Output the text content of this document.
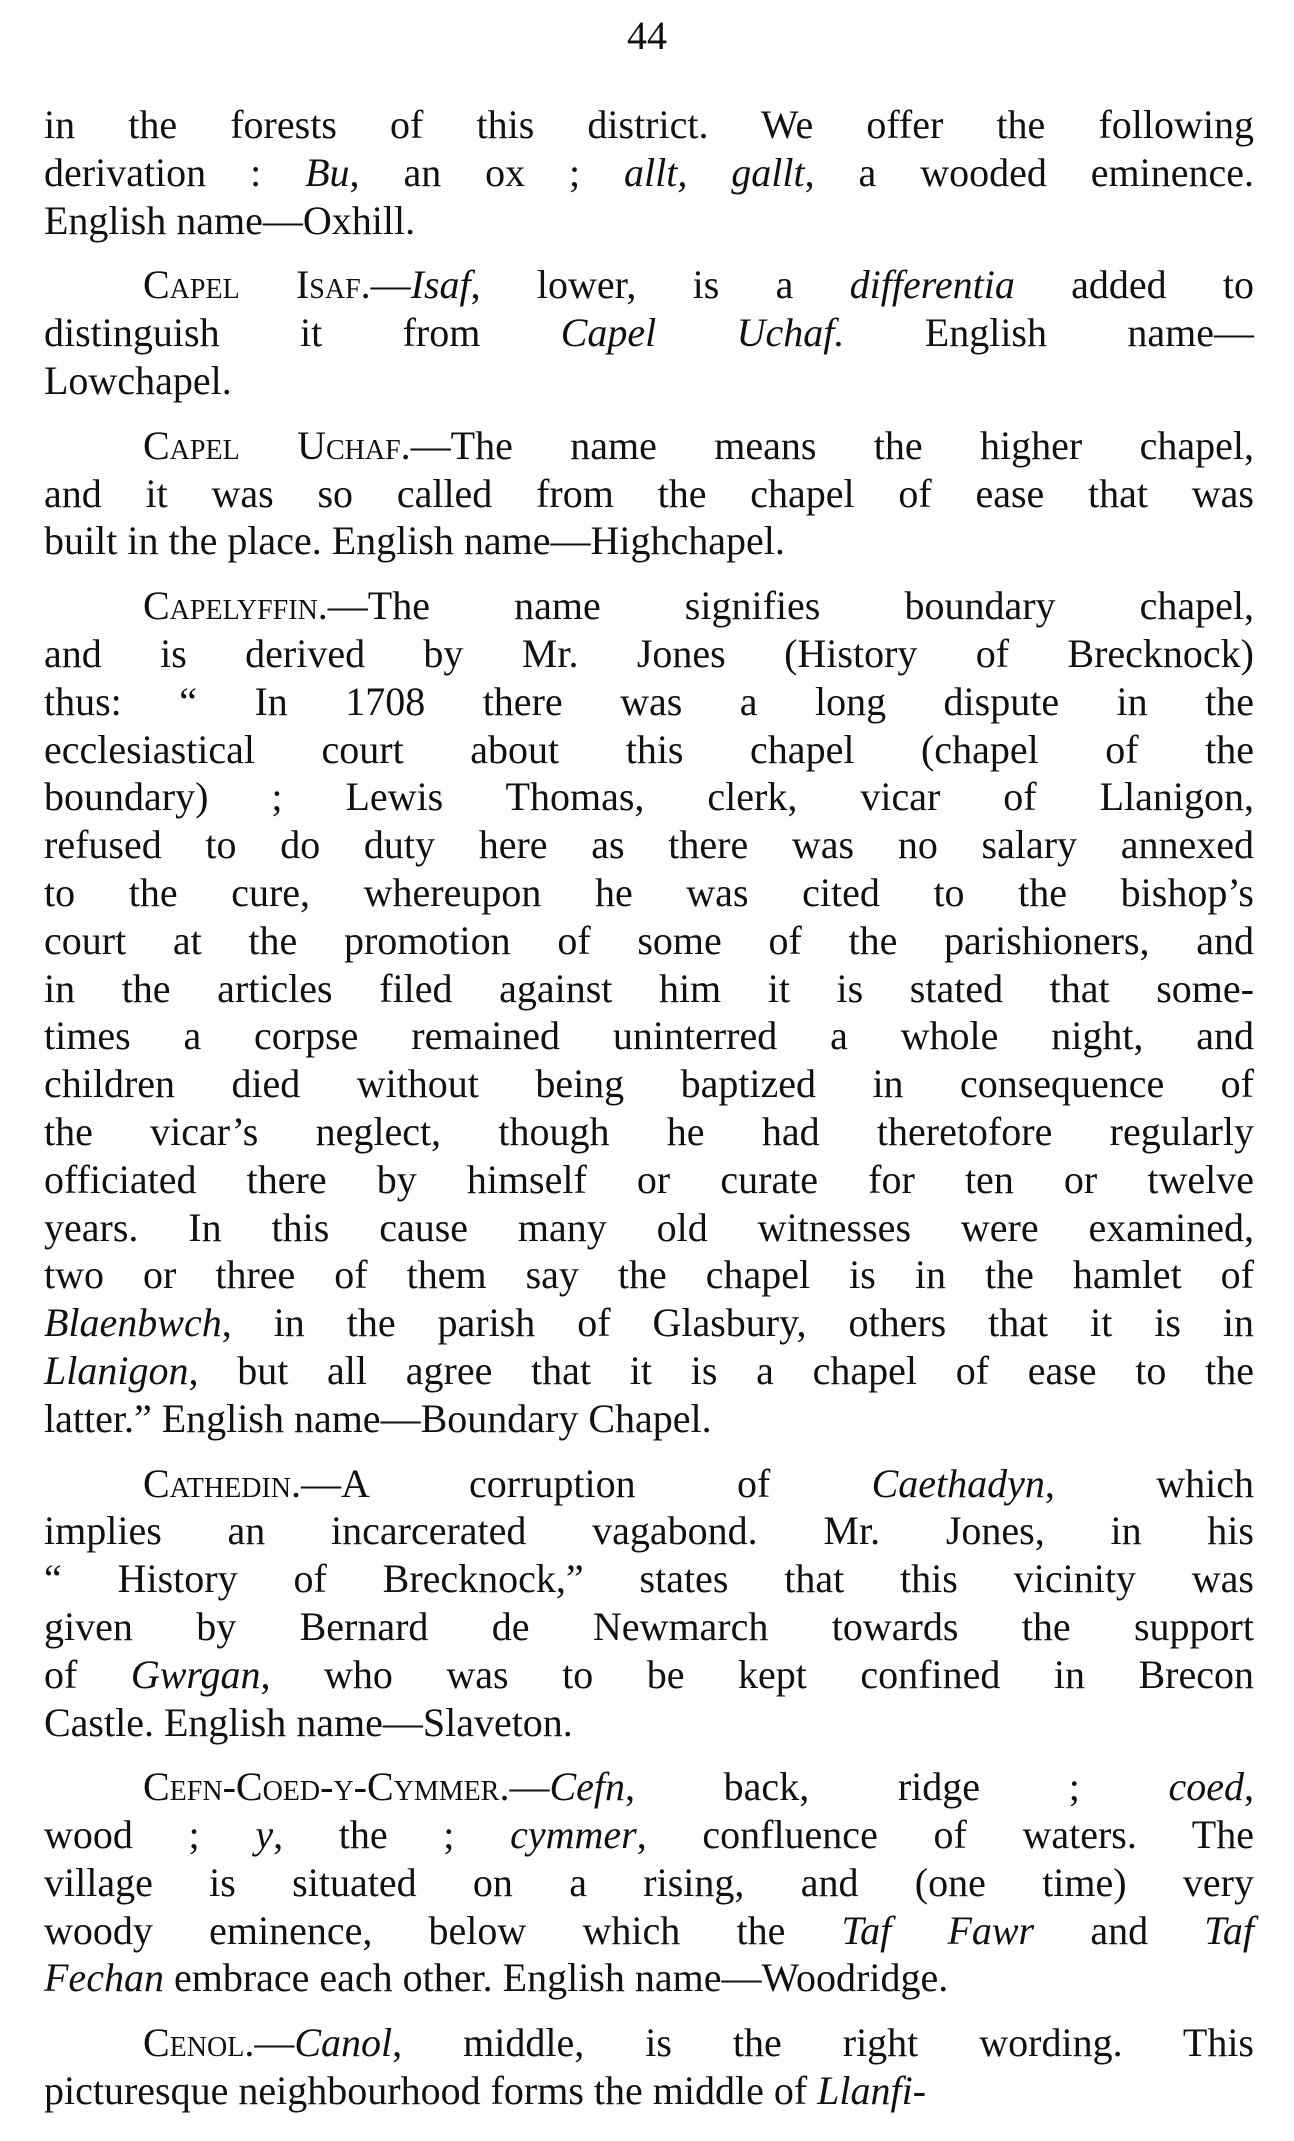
44
in the forests of this district. We offer the following
derivation : Bu, an ox ; allt, gallt, a wooded eminence.
English name—Oxhill.
Capel Isaf.—Isaf, lower, is a differentia added to
distinguish it from Capel Uchaf. English name—
Lowchapel.
Capel Uchaf.—The name means the higher chapel,
and it was so called from the chapel of ease that was
built in the place. English name—Highchapel.
Capelyffin.—The name signifies boundary chapel,
and is derived by Mr. Jones (History of Brecknock)
thus: “ In 1708 there was a long dispute in the
ecclesiastical court about this chapel (chapel of the
boundary) ; Lewis Thomas, clerk, vicar of Llanigon,
refused to do duty here as there was no salary annexed
to the cure, whereupon he was cited to the bishop’s
court at the promotion of some of the parishioners, and
in the articles filed against him it is stated that some-
times a corpse remained uninterred a whole night, and
children died without being baptized in consequence of
the vicar’s neglect, though he had theretofore regularly
officiated there by himself or curate for ten or twelve
years. In this cause many old witnesses were examined,
two or three of them say the chapel is in the hamlet of
Blaenbwch, in the parish of Glasbury, others that it is in
Llanigon, but all agree that it is a chapel of ease to the
latter.” English name—Boundary Chapel.
Cathedin.—A corruption of Caethadyn, which
implies an incarcerated vagabond. Mr. Jones, in his
“ History of Brecknock,” states that this vicinity was
given by Bernard de Newmarch towards the support
of Gwrgan, who was to be kept confined in Brecon
Castle. English name—Slaveton.
Cefn-Coed-y-Cymmer.—Cefn, back, ridge ; coed,
wood ; y, the ; cymmer, confluence of waters. The
village is situated on a rising, and (one time) very
woody eminence, below which the Taf Fawr and Taf
Fechan embrace each other. English name—Woodridge.
Cenol.—Canol, middle, is the right wording. This
picturesque neighbourhood forms the middle of Llanfi-
